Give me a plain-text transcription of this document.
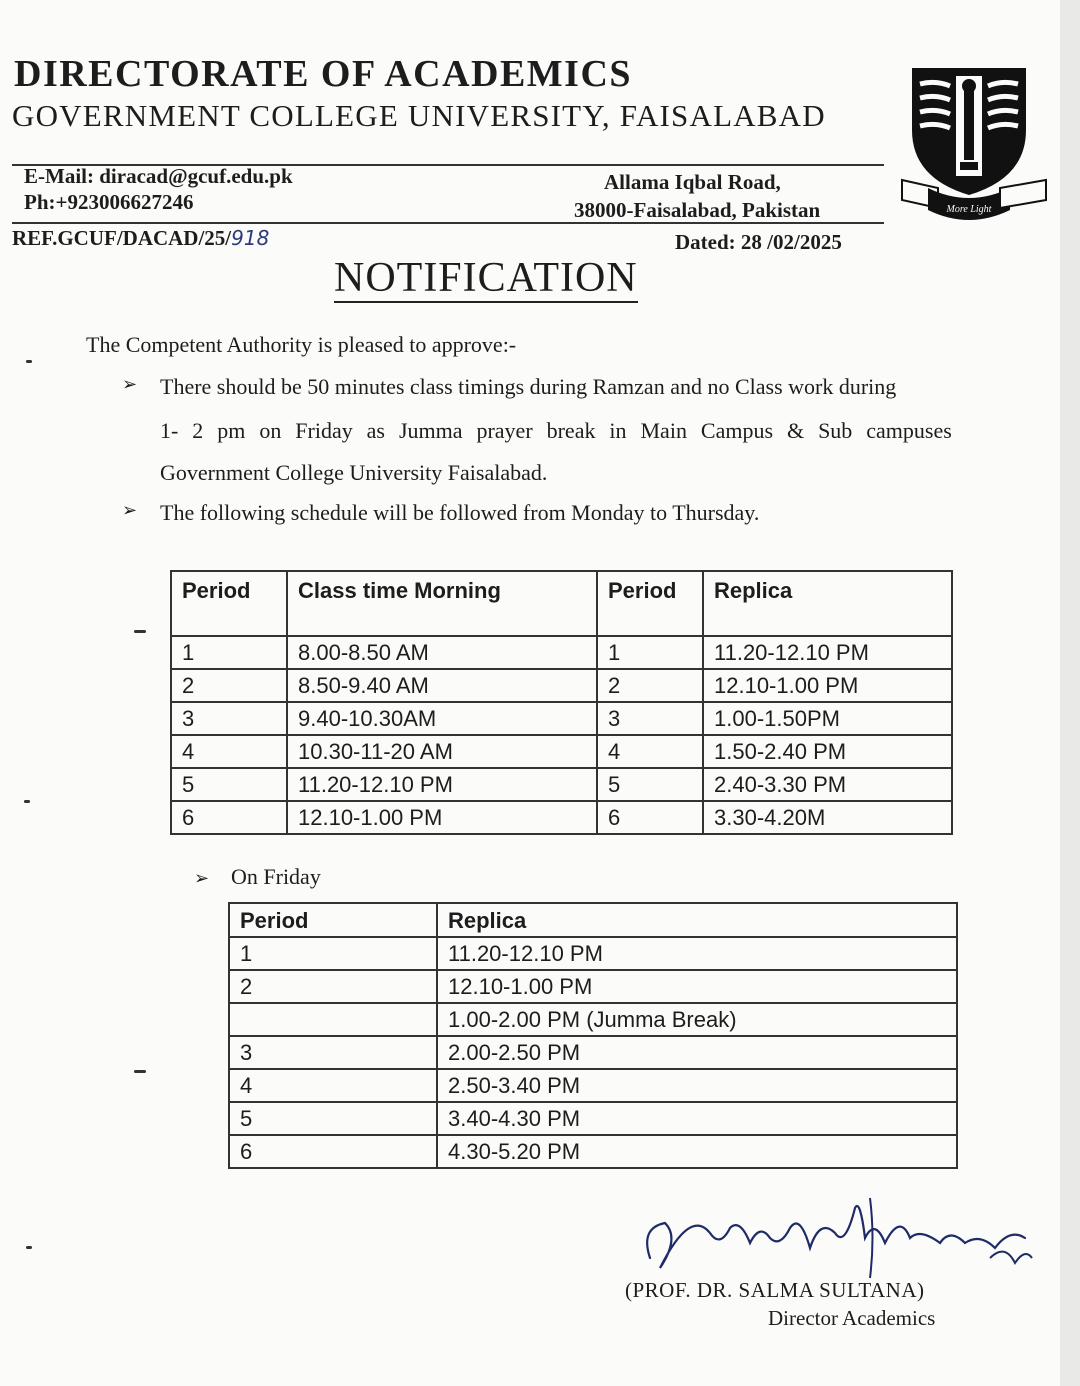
DIRECTORATE OF ACADEMICS
GOVERNMENT COLLEGE UNIVERSITY, FAISALABAD
More Light
E-Mail: diracad@gcuf.edu.pk
Ph:+923006627246
Allama Iqbal Road,
38000-Faisalabad, Pakistan
REF.GCUF/DACAD/25/918	Dated: 28 /02/2025
NOTIFICATION
The Competent Authority is pleased to approve:-
➢ There should be 50 minutes class timings during Ramzan and no Class work during
1- 2 pm on Friday as Jumma prayer break in Main Campus & Sub campuses
Government College University Faisalabad.
➢ The following schedule will be followed from Monday to Thursday.
Period	Class time Morning	Period	Replica
1	8.00-8.50 AM	1	11.20-12.10 PM
2	8.50-9.40 AM	2	12.10-1.00 PM
3	9.40-10.30AM	3	1.00-1.50PM
4	10.30-11-20 AM	4	1.50-2.40 PM
5	11.20-12.10 PM	5	2.40-3.30 PM
6	12.10-1.00 PM	6	3.30-4.20M
➢ On Friday
Period	Replica
1	11.20-12.10 PM
2	12.10-1.00 PM
	1.00-2.00 PM (Jumma Break)
3	2.00-2.50 PM
4	2.50-3.40 PM
5	3.40-4.30 PM
6	4.30-5.20 PM
(PROF. DR. SALMA SULTANA)
Director Academics
